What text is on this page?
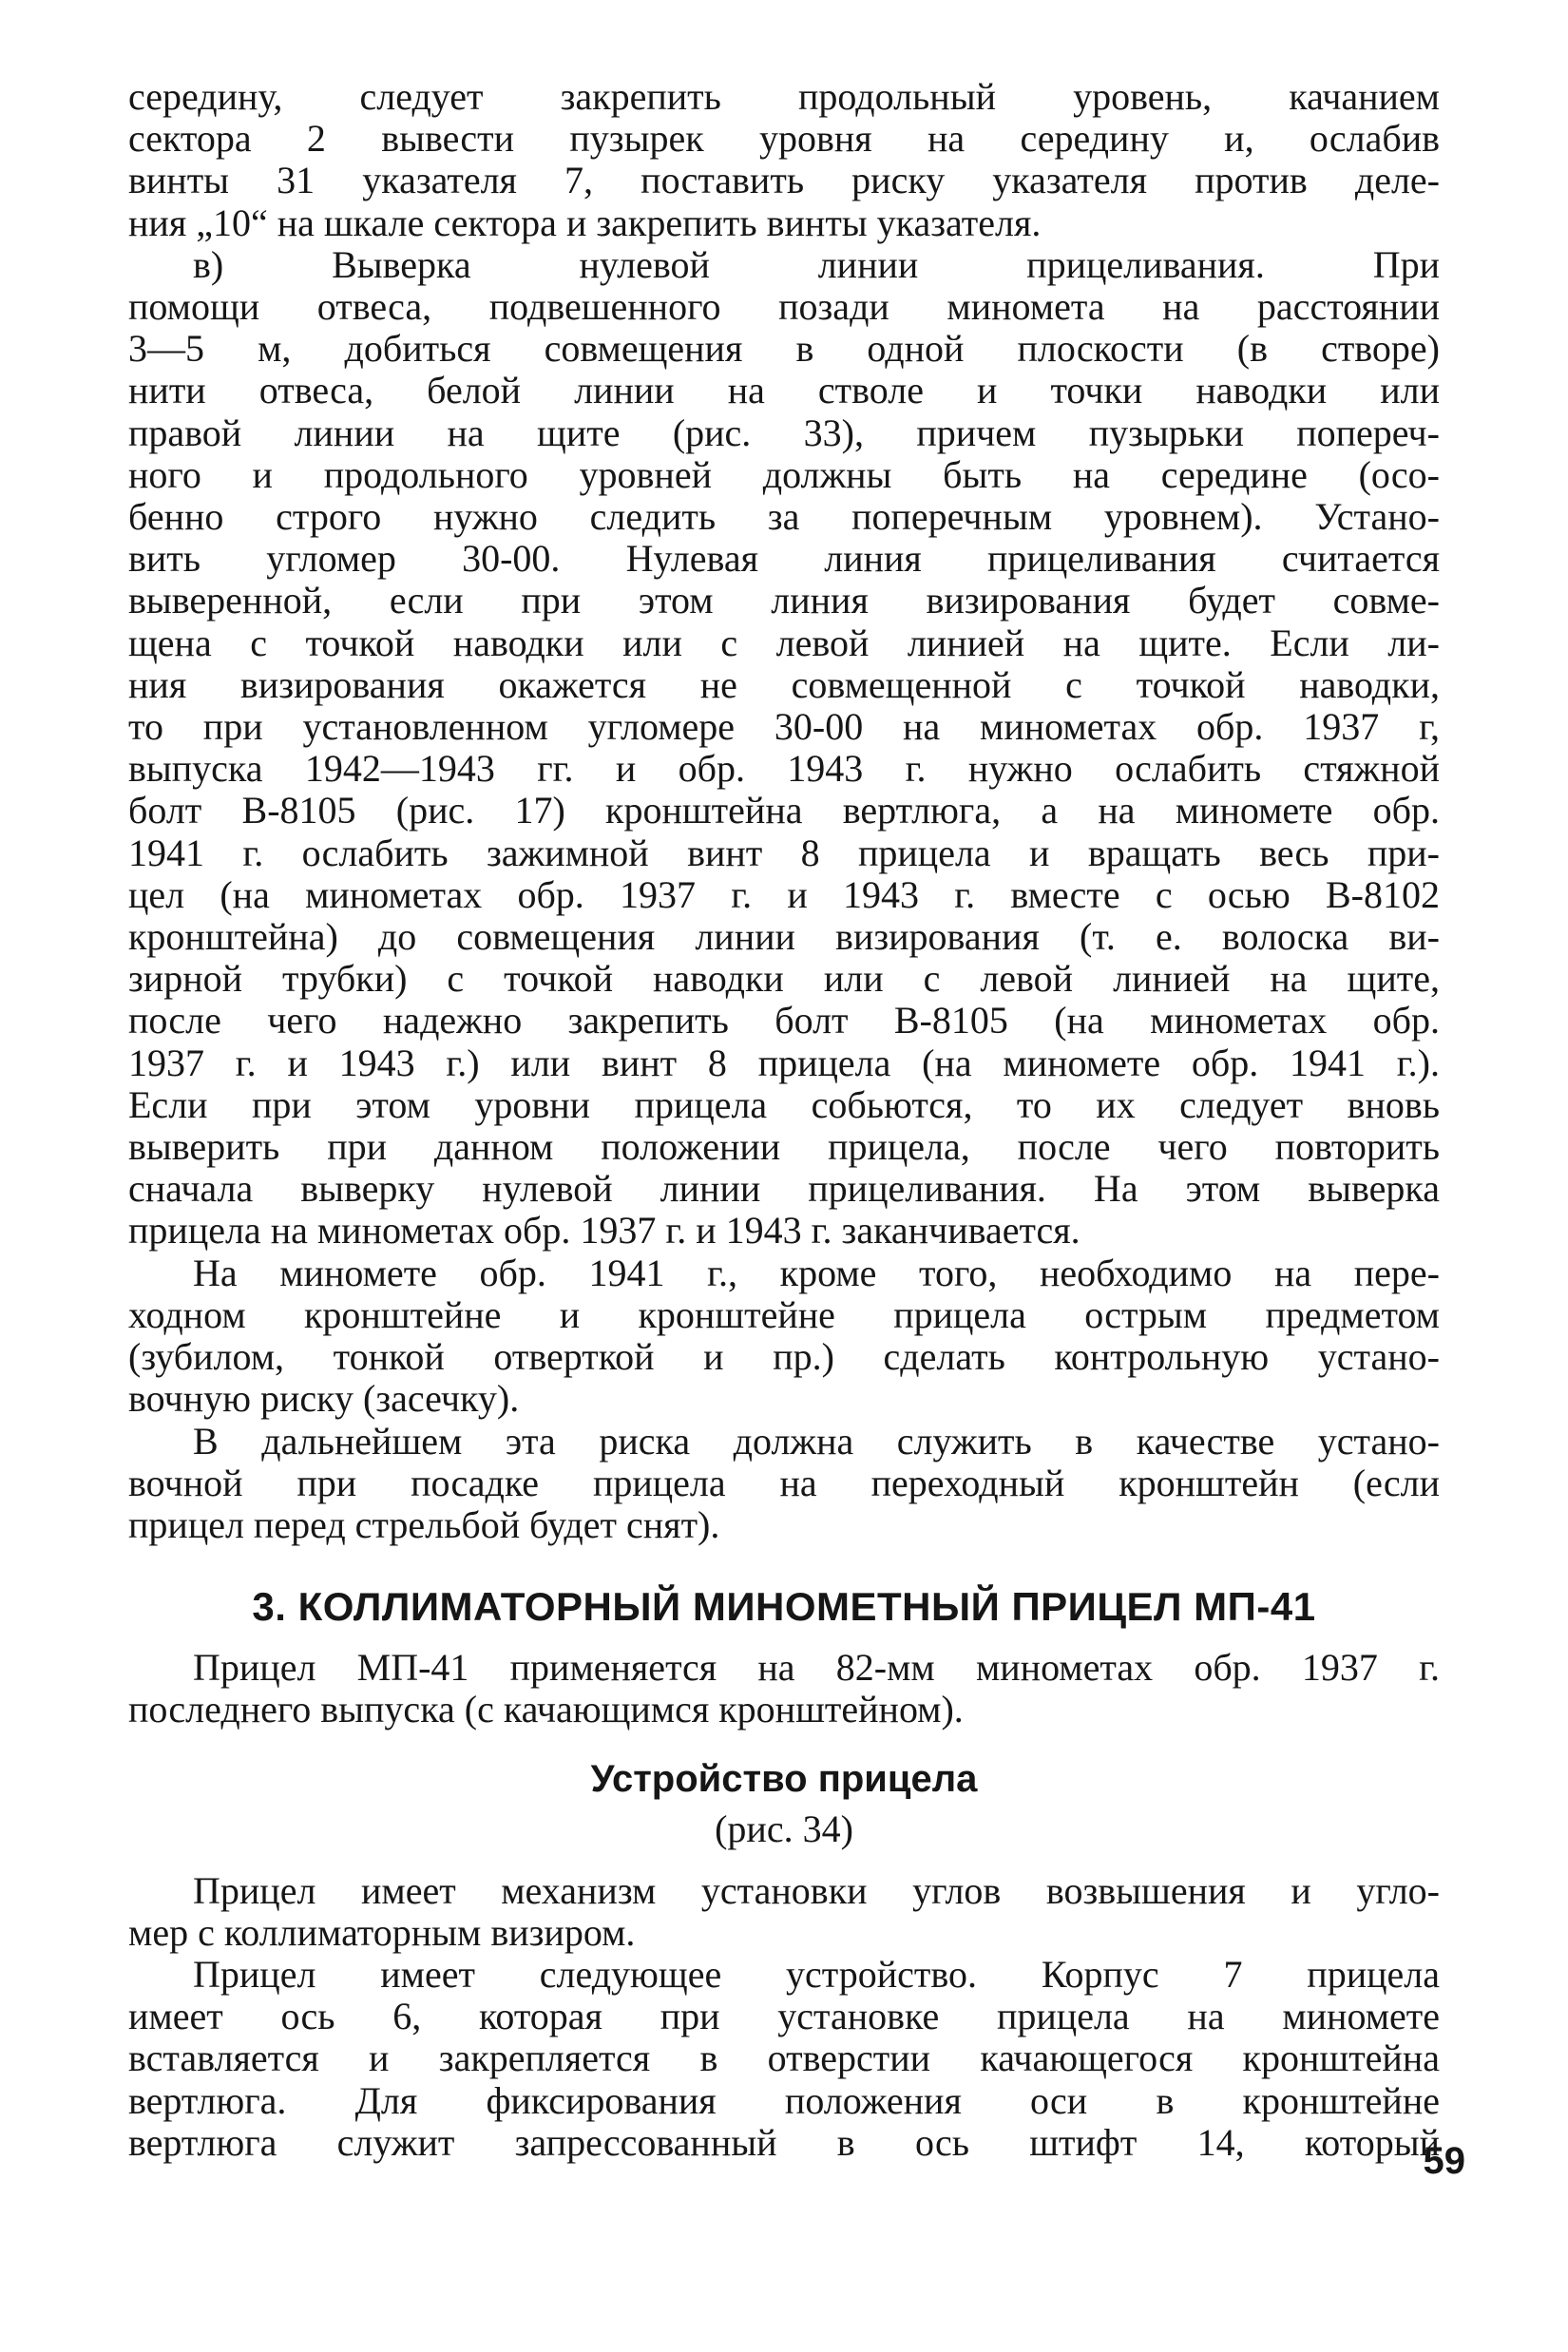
середину, следует закрепить продольный уровень, качанием
сектора 2 вывести пузырек уровня на середину и, ослабив
винты 31 указателя 7, поставить риску указателя против деле-
ния „10“ на шкале сектора и закрепить винты указателя.
в) Выверка нулевой линии прицеливания. При
помощи отвеса, подвешенного позади миномета на расстоянии
3—5 м, добиться совмещения в одной плоскости (в створе)
нити отвеса, белой линии на стволе и точки наводки или
правой линии на щите (рис. 33), причем пузырьки попереч-
ного и продольного уровней должны быть на середине (осо-
бенно строго нужно следить за поперечным уровнем). Устано-
вить угломер 30-00. Нулевая линия прицеливания считается
выверенной, если при этом линия визирования будет совме-
щена с точкой наводки или с левой линией на щите. Если ли-
ния визирования окажется не совмещенной с точкой наводки,
то при установленном угломере 30-00 на минометах обр. 1937 г,
выпуска 1942—1943 гг. и обр. 1943 г. нужно ослабить стяжной
болт В-8105 (рис. 17) кронштейна вертлюга, а на миномете обр.
1941 г. ослабить зажимной винт 8 прицела и вращать весь при-
цел (на минометах обр. 1937 г. и 1943 г. вместе с осью В-8102
кронштейна) до совмещения линии визирования (т. е. волоска ви-
зирной трубки) с точкой наводки или с левой линией на щите,
после чего надежно закрепить болт В-8105 (на минометах обр.
1937 г. и 1943 г.) или винт 8 прицела (на миномете обр. 1941 г.).
Если при этом уровни прицела собьются, то их следует вновь
выверить при данном положении прицела, после чего повторить
сначала выверку нулевой линии прицеливания. На этом выверка
прицела на минометах обр. 1937 г. и 1943 г. заканчивается.
На миномете обр. 1941 г., кроме того, необходимо на пере-
ходном кронштейне и кронштейне прицела острым предметом
(зубилом, тонкой отверткой и пр.) сделать контрольную устано-
вочную риску (засечку).
В дальнейшем эта риска должна служить в качестве устано-
вочной при посадке прицела на переходный кронштейн (если
прицел перед стрельбой будет снят).
3. КОЛЛИМАТОРНЫЙ МИНОМЕТНЫЙ ПРИЦЕЛ МП-41
Прицел МП-41 применяется на 82-мм минометах обр. 1937 г.
последнего выпуска (с качающимся кронштейном).
Устройство прицела
(рис. 34)
Прицел имеет механизм установки углов возвышения и угло-
мер с коллиматорным визиром.
Прицел имеет следующее устройство. Корпус 7 прицела
имеет ось 6, которая при установке прицела на миномете
вставляется и закрепляется в отверстии качающегося кронштейна
вертлюга. Для фиксирования положения оси в кронштейне
вертлюга служит запрессованный в ось штифт 14, который
59
